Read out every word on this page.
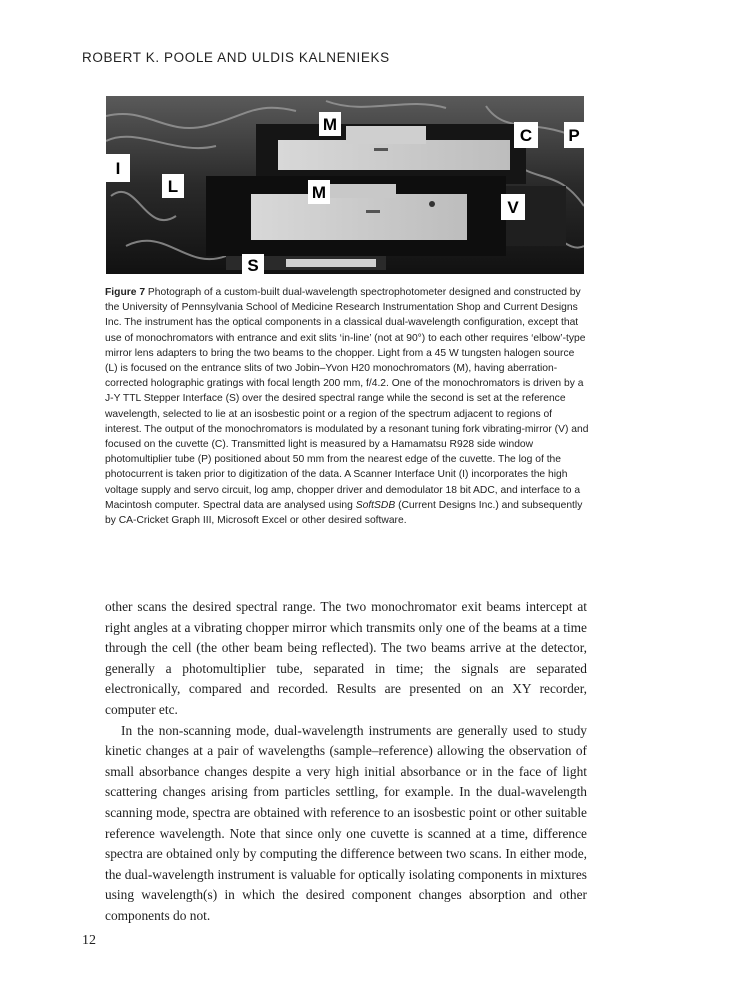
ROBERT K. POOLE AND ULDIS KALNENIEKS
M
C P
I
L	M
V
S
Figure 7 Photograph of a custom-built dual-wavelength spectrophotometer designed and constructed by the University of Pennsylvania School of Medicine Research Instrumentation Shop and Current Designs Inc. The instrument has the optical components in a classical dual-wavelength configuration, except that use of monochromators with entrance and exit slits ‘in-line’ (not at 90°) to each other requires ‘elbow’-type mirror lens adapters to bring the two beams to the chopper. Light from a 45 W tungsten halogen source (L) is focused on the entrance slits of two Jobin–Yvon H20 monochromators (M), having aberration-corrected holographic gratings with focal length 200 mm, f/4.2. One of the monochromators is driven by a J-Y TTL Stepper Interface (S) over the desired spectral range while the second is set at the reference wavelength, selected to lie at an isosbestic point or a region of the spectrum adjacent to regions of interest. The output of the monochromators is modulated by a resonant tuning fork vibrating-mirror (V) and focused on the cuvette (C). Transmitted light is measured by a Hamamatsu R928 side window photomultiplier tube (P) positioned about 50 mm from the nearest edge of the cuvette. The log of the photocurrent is taken prior to digitization of the data. A Scanner Interface Unit (I) incorporates the high voltage supply and servo circuit, log amp, chopper driver and demodulator 18 bit ADC, and interface to a Macintosh computer. Spectral data are analysed using SoftSDB (Current Designs Inc.) and subsequently by CA-Cricket Graph III, Microsoft Excel or other desired software.

other scans the desired spectral range. The two monochromator exit beams intercept at right angles at a vibrating chopper mirror which transmits only one of the beams at a time through the cell (the other beam being reflected). The two beams arrive at the detector, generally a photomultiplier tube, separated in time; the signals are separated electronically, compared and recorded. Results are presented on an XY recorder, computer etc.

In the non-scanning mode, dual-wavelength instruments are generally used to study kinetic changes at a pair of wavelengths (sample–reference) allowing the observation of small absorbance changes despite a very high initial absorbance or in the face of light scattering changes arising from particles settling, for example. In the dual-wavelength scanning mode, spectra are obtained with reference to an isosbestic point or other suitable reference wavelength. Note that since only one cuvette is scanned at a time, difference spectra are obtained only by computing the difference between two scans. In either mode, the dual-wavelength instrument is valuable for optically isolating components in mixtures using wavelength(s) in which the desired component changes absorption and other components do not.

12
